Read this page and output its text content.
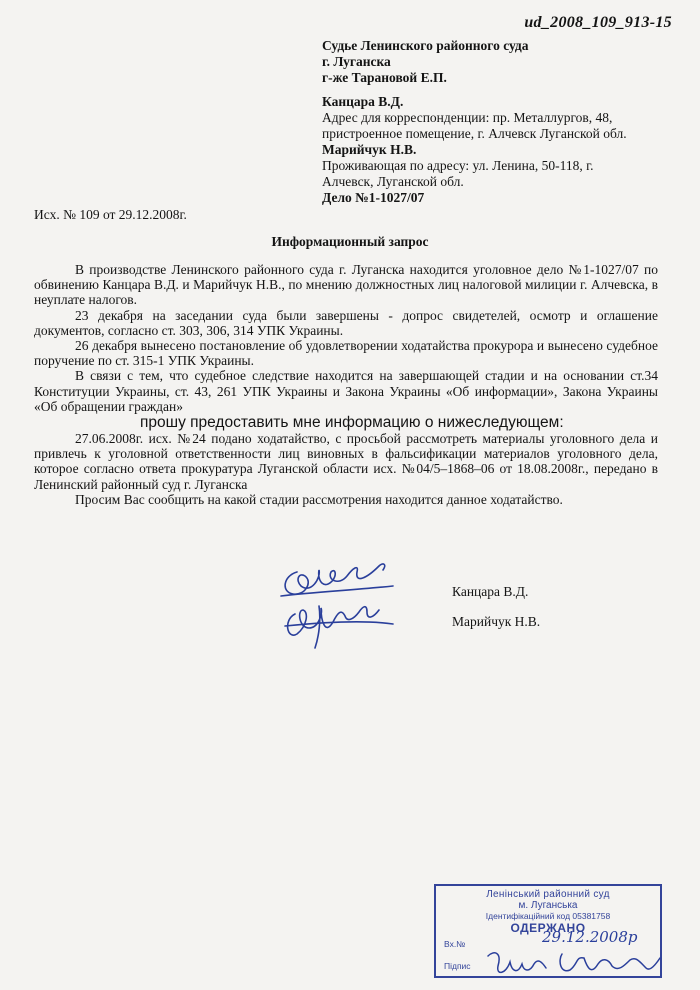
ud_2008_109_913-15
Судье Ленинского районного суда
г. Луганска
г-же Тарановой Е.П.
Канцара В.Д.
Адрес для корреспонденции: пр. Металлургов, 48,
пристроенное помещение, г. Алчевск Луганской обл.
Марийчук Н.В.
Проживающая по адресу: ул. Ленина, 50-118, г.
Алчевск, Луганской обл.
Дело №1-1027/07
Исх. № 109 от 29.12.2008г.
Информационный запрос

В производстве Ленинского районного суда г. Луганска находится уголовное дело №1-1027/07 по обвинению Канцара В.Д. и Марийчук Н.В., по мнению должностных лиц налоговой милиции г. Алчевска, в неуплате налогов.

23 декабря на заседании суда были завершены - допрос свидетелей, осмотр и оглашение документов, согласно ст. 303, 306, 314 УПК Украины.

26 декабря вынесено постановление об удовлетворении ходатайства прокурора и вынесено судебное поручение по ст. 315-1 УПК Украины.

В связи с тем, что судебное следствие находится на завершающей стадии и на основании ст.34 Конституции Украины, ст. 43, 261 УПК Украины и Закона Украины «Об информации», Закона Украины «Об обращении граждан»

прошу предоставить мне информацию о нижеследующем:

27.06.2008г. исх. №24 подано ходатайство, с просьбой рассмотреть материалы уголовного дела и привлечь к уголовной ответственности лиц виновных в фальсификации материалов уголовного дела, которое согласно ответа прокуратура Луганской области исх. №04/5–1868–06 от 18.08.2008г., передано в Ленинский районный суд г. Луганска

Просим Вас сообщить на какой стадии рассмотрения находится данное ходатайство.

Канцара В.Д.
Марийчук Н.В.
Ленінський районний суд
м. Луганська
Ідентифікаційний код 05381758
ОДЕРЖАНО
Вх.№
Підпис
29.12.2008р
